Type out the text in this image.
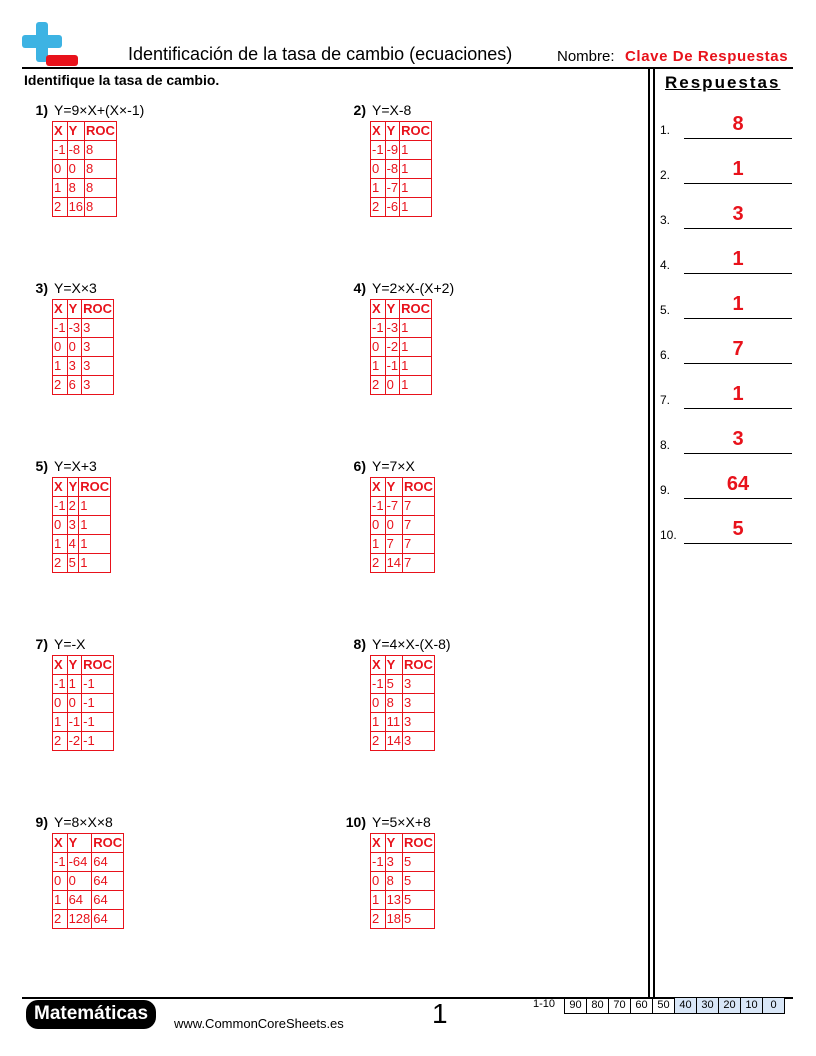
Identificación de la tasa de cambio (ecuaciones)	Nombre: Clave De Respuestas
Identifique la tasa de cambio.
1) Y=9×X+(X×-1)
X	Y	ROC
-1	-8	8
0	0	8
1	8	8
2	16	8
2) Y=X-8
X	Y	ROC
-1	-9	1
0	-8	1
1	-7	1
2	-6	1
3) Y=X×3
X	Y	ROC
-1	-3	3
0	0	3
1	3	3
2	6	3
4) Y=2×X-(X+2)
X	Y	ROC
-1	-3	1
0	-2	1
1	-1	1
2	0	1
5) Y=X+3
X	Y	ROC
-1	2	1
0	3	1
1	4	1
2	5	1
6) Y=7×X
X	Y	ROC
-1	-7	7
0	0	7
1	7	7
2	14	7
7) Y=-X
X	Y	ROC
-1	1	-1
0	0	-1
1	-1	-1
2	-2	-1
8) Y=4×X-(X-8)
X	Y	ROC
-1	5	3
0	8	3
1	11	3
2	14	3
9) Y=8×X×8
X	Y	ROC
-1	-64	64
0	0	64
1	64	64
2	128	64
10) Y=5×X+8
X	Y	ROC
-1	3	5
0	8	5
1	13	5
2	18	5
Respuestas
1.	8
2.	1
3.	3
4.	1
5.	1
6.	7
7.	1
8.	3
9.	64
10.	5
Matemáticas	www.CommonCoreSheets.es	1	1-10	90 80 70 60 50 40 30 20 10	0
